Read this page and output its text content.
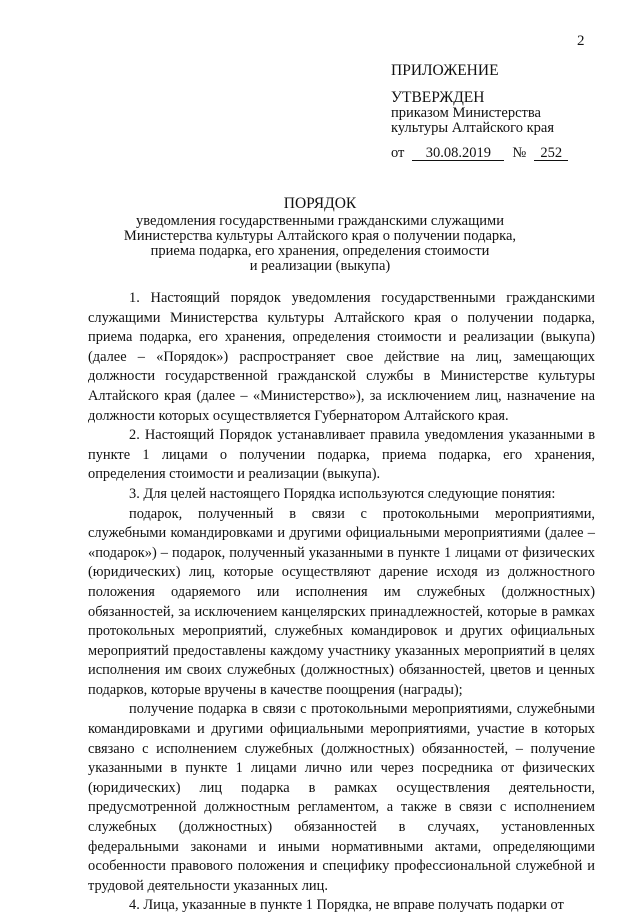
2
ПРИЛОЖЕНИЕ
УТВЕРЖДЕН
приказом Министерства
культуры Алтайского края
от	30.08.2019	№ 252
ПОРЯДОК
уведомления государственными гражданскими служащими
Министерства культуры Алтайского края о получении подарка,
приема подарка, его хранения, определения стоимости
и реализации (выкупа)

1. Настоящий порядок уведомления государственными гражданскими служащими Министерства культуры Алтайского края о получении подарка, приема подарка, его хранения, определения стоимости и реализации (выкупа) (далее – «Порядок») распространяет свое действие на лиц, замещающих должности государственной гражданской службы в Министерстве культуры Алтайского края (далее – «Министерство»), за исключением лиц, назначение на должности которых осуществляется Губернатором Алтайского края.

2. Настоящий Порядок устанавливает правила уведомления указанными в пункте 1 лицами о получении подарка, приема подарка, его хранения, определения стоимости и реализации (выкупа).

3. Для целей настоящего Порядка используются следующие понятия:

подарок, полученный в связи с протокольными мероприятиями, служебными командировками и другими официальными мероприятиями (далее – «подарок») – подарок, полученный указанными в пункте 1 лицами от физических (юридических) лиц, которые осуществляют дарение исходя из должностного положения одаряемого или исполнения им служебных (должностных) обязанностей, за исключением канцелярских принадлежностей, которые в рамках протокольных мероприятий, служебных командировок и других официальных мероприятий предоставлены каждому участнику указанных мероприятий в целях исполнения им своих служебных (должностных) обязанностей, цветов и ценных подарков, которые вручены в качестве поощрения (награды);

получение подарка в связи с протокольными мероприятиями, служебными командировками и другими официальными мероприятиями, участие в которых связано с исполнением служебных (должностных) обязанностей, – получение указанными в пункте 1 лицами лично или через посредника от физических (юридических) лиц подарка в рамках осуществления деятельности, предусмотренной должностным регламентом, а также в связи с исполнением служебных (должностных) обязанностей в случаях, установленных федеральными законами и иными нормативными актами, определяющими особенности правового положения и специфику профессиональной служебной и трудовой деятельности указанных лиц.

4. Лица, указанные в пункте 1 Порядка, не вправе получать подарки от
